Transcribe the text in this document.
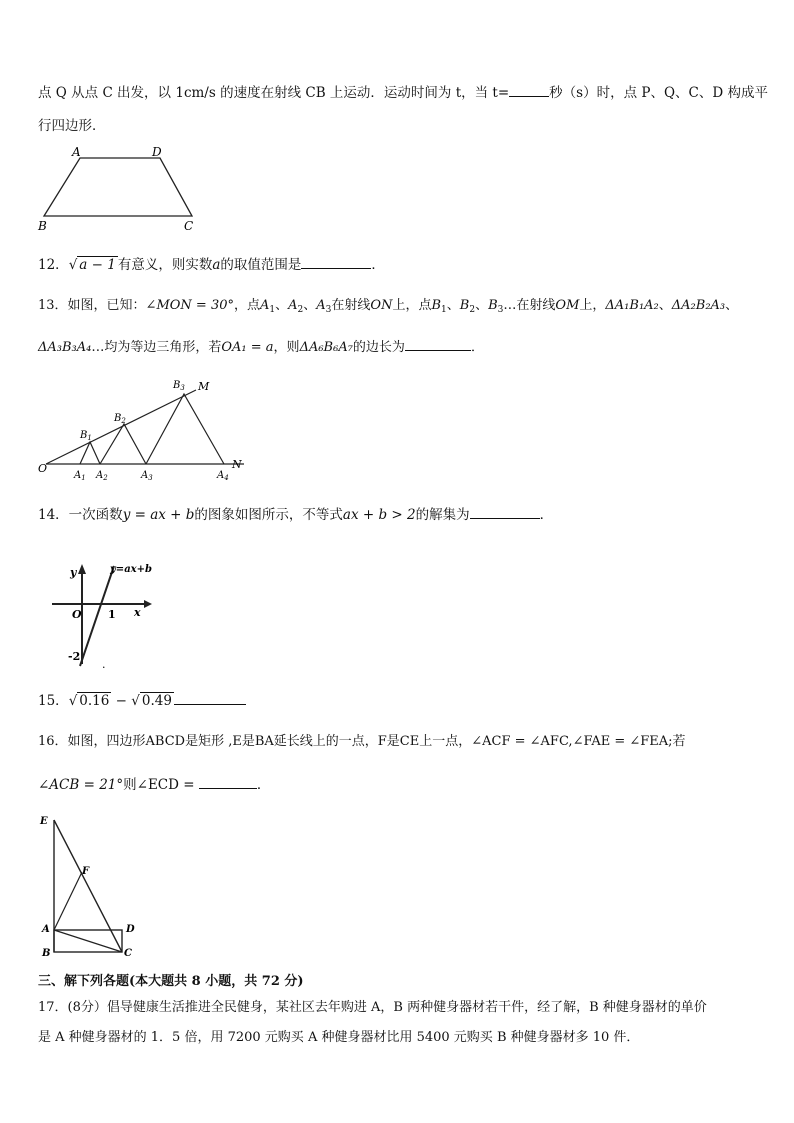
点 Q 从点 C 出发，以 1cm/s 的速度在射线 CB 上运动．运动时间为 t，当 t=	秒（s）时，点 P、Q、C、D 构成平
行四边形．
A	D
B	C
12．√ a − 1 有意义，则实数a的取值范围是	．
13．如图，已知：∠MON = 30°，点$A_1$、$A_2$、$A_3$在射线ON上，点$B_1$、$B_2$、$B_3\dots$在射线OM上，ΔA₁B₁A₂、ΔA₂B₂A₃、
ΔA₃B₃A₄…均为等边三角形，若OA₁ = a，则ΔA₆B₆A₇的边长为	．
O	N
M
$A_1$ $A_2$	$A_3$	$A_4$
$B_1$
$B_2$
$B_3$
14．一次函数y = ax + b的图象如图所示，不等式ax + b > 2的解集为	．
y
x
O 1
-2
y=ax+b
.
15．√ 0.16 − √ 0.49
16．如图，四边形ABCD是矩形 ,E是BA延长线上的一点，F是CE上一点，∠ACF = ∠AFC,∠FAE = ∠FEA;若
∠ACB = 21°则∠ECD =	．
E
F
A	D
B	C
三、解下列各题(本大题共 8 小题，共 72 分)
17．(8分）倡导健康生活推进全民健身，某社区去年购进 A，B 两种健身器材若干件，经了解，B 种健身器材的单价
是 A 种健身器材的 1．5 倍，用 7200 元购买 A 种健身器材比用 5400 元购买 B 种健身器材多 10 件．
